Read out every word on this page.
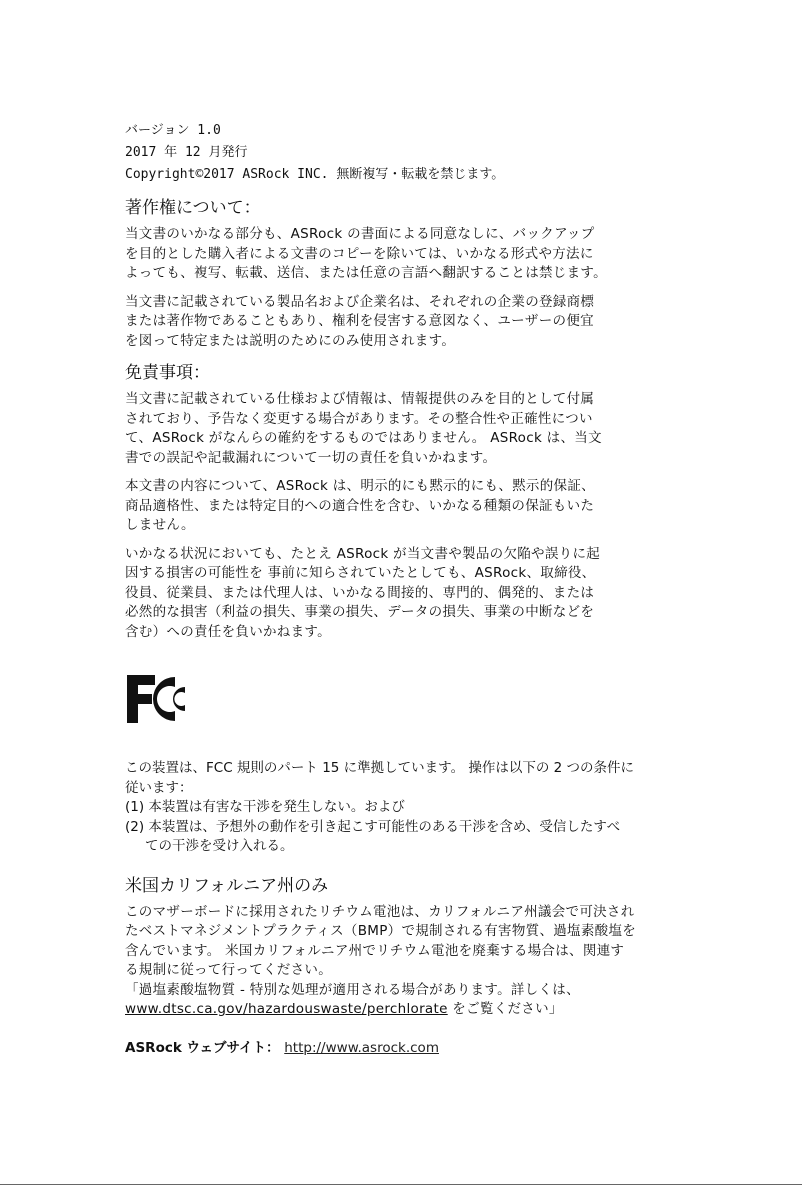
バージョン 1.0
2017 年 12 月発行
Copyright©2017 ASRock INC. 無断複写・転載を禁じます。
著作権について：
当文書のいかなる部分も、ASRock の書面による同意なしに、バックアップ
を目的とした購入者による文書のコピーを除いては、いかなる形式や方法に
よっても、複写、転載、送信、または任意の言語へ翻訳することは禁じます。
当文書に記載されている製品名および企業名は、それぞれの企業の登録商標
または著作物であることもあり、権利を侵害する意図なく、ユーザーの便宜
を図って特定または説明のためにのみ使用されます。
免責事項：
当文書に記載されている仕様および情報は、情報提供のみを目的として付属
されており、予告なく変更する場合があります。その整合性や正確性につい
て、ASRock がなんらの確約をするものではありません。 ASRock は、当文
書での誤記や記載漏れについて一切の責任を負いかねます。
本文書の内容について、ASRock は、明示的にも黙示的にも、黙示的保証、
商品適格性、または特定目的への適合性を含む、いかなる種類の保証もいた
しません。
いかなる状況においても、たとえ ASRock が当文書や製品の欠陥や誤りに起
因する損害の可能性を 事前に知らされていたとしても、ASRock、取締役、
役員、従業員、または代理人は、いかなる間接的、専門的、偶発的、または
必然的な損害（利益の損失、事業の損失、データの損失、事業の中断などを
含む）への責任を負いかねます。
FC
この装置は、FCC 規則のパート 15 に準拠しています。 操作は以下の 2 つの条件に
従います：
(1) 本装置は有害な干渉を発生しない。および
(2) 本装置は、予想外の動作を引き起こす可能性のある干渉を含め、受信したすべ
ての干渉を受け入れる。
米国カリフォルニア州のみ
このマザーボードに採用されたリチウム電池は、カリフォルニア州議会で可決され
たベストマネジメントプラクティス（BMP）で規制される有害物質、過塩素酸塩を
含んでいます。 米国カリフォルニア州でリチウム電池を廃棄する場合は、関連す
る規制に従って行ってください。
「過塩素酸塩物質 - 特別な処理が適用される場合があります。詳しくは、
www.dtsc.ca.gov/hazardouswaste/perchlorate をご覧ください」
ASRock ウェブサイト： http://www.asrock.com
